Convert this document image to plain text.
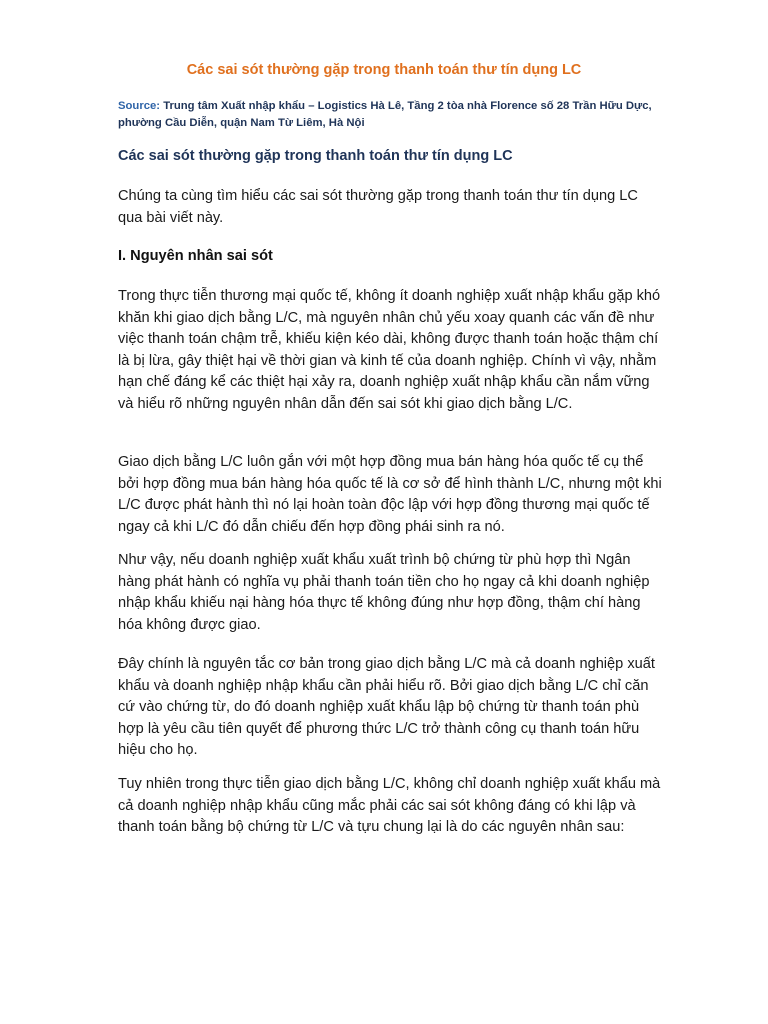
Các sai sót thường gặp trong thanh toán thư tín dụng LC
Source: Trung tâm Xuất nhập khẩu – Logistics Hà Lê, Tầng 2 tòa nhà Florence số 28 Trần Hữu Dực, phường Cầu Diễn, quận Nam Từ Liêm, Hà Nội
Các sai sót thường gặp trong thanh toán thư tín dụng LC

Chúng ta cùng tìm hiểu các sai sót thường gặp trong thanh toán thư tín dụng LC qua bài viết này.

I. Nguyên nhân sai sót

Trong thực tiễn thương mại quốc tế, không ít doanh nghiệp xuất nhập khẩu gặp khó khăn khi giao dịch bằng L/C, mà nguyên nhân chủ yếu xoay quanh các vấn đề như việc thanh toán chậm trễ, khiếu kiện kéo dài, không được thanh toán hoặc thậm chí là bị lừa, gây thiệt hại về thời gian và kinh tế của doanh nghiệp. Chính vì vậy, nhằm hạn chế đáng kể các thiệt hại xảy ra, doanh nghiệp xuất nhập khẩu cần nắm vững và hiểu rõ những nguyên nhân dẫn đến sai sót khi giao dịch bằng L/C.

Giao dịch bằng L/C luôn gắn với một hợp đồng mua bán hàng hóa quốc tế cụ thể bởi hợp đồng mua bán hàng hóa quốc tế là cơ sở để hình thành L/C, nhưng một khi L/C được phát hành thì nó lại hoàn toàn độc lập với hợp đồng thương mại quốc tế ngay cả khi L/C đó dẫn chiếu đến hợp đồng phái sinh ra nó.

Như vậy, nếu doanh nghiệp xuất khẩu xuất trình bộ chứng từ phù hợp thì Ngân hàng phát hành có nghĩa vụ phải thanh toán tiền cho họ ngay cả khi doanh nghiệp nhập khẩu khiếu nại hàng hóa thực tế không đúng như hợp đồng, thậm chí hàng hóa không được giao.

Đây chính là nguyên tắc cơ bản trong giao dịch bằng L/C mà cả doanh nghiệp xuất khẩu và doanh nghiệp nhập khẩu cần phải hiểu rõ. Bởi giao dịch bằng L/C chỉ căn cứ vào chứng từ, do đó doanh nghiệp xuất khẩu lập bộ chứng từ thanh toán phù hợp là yêu cầu tiên quyết để phương thức L/C trở thành công cụ thanh toán hữu hiệu cho họ.

Tuy nhiên trong thực tiễn giao dịch bằng L/C, không chỉ doanh nghiệp xuất khẩu mà cả doanh nghiệp nhập khẩu cũng mắc phải các sai sót không đáng có khi lập và thanh toán bằng bộ chứng từ L/C và tựu chung lại là do các nguyên nhân sau:
